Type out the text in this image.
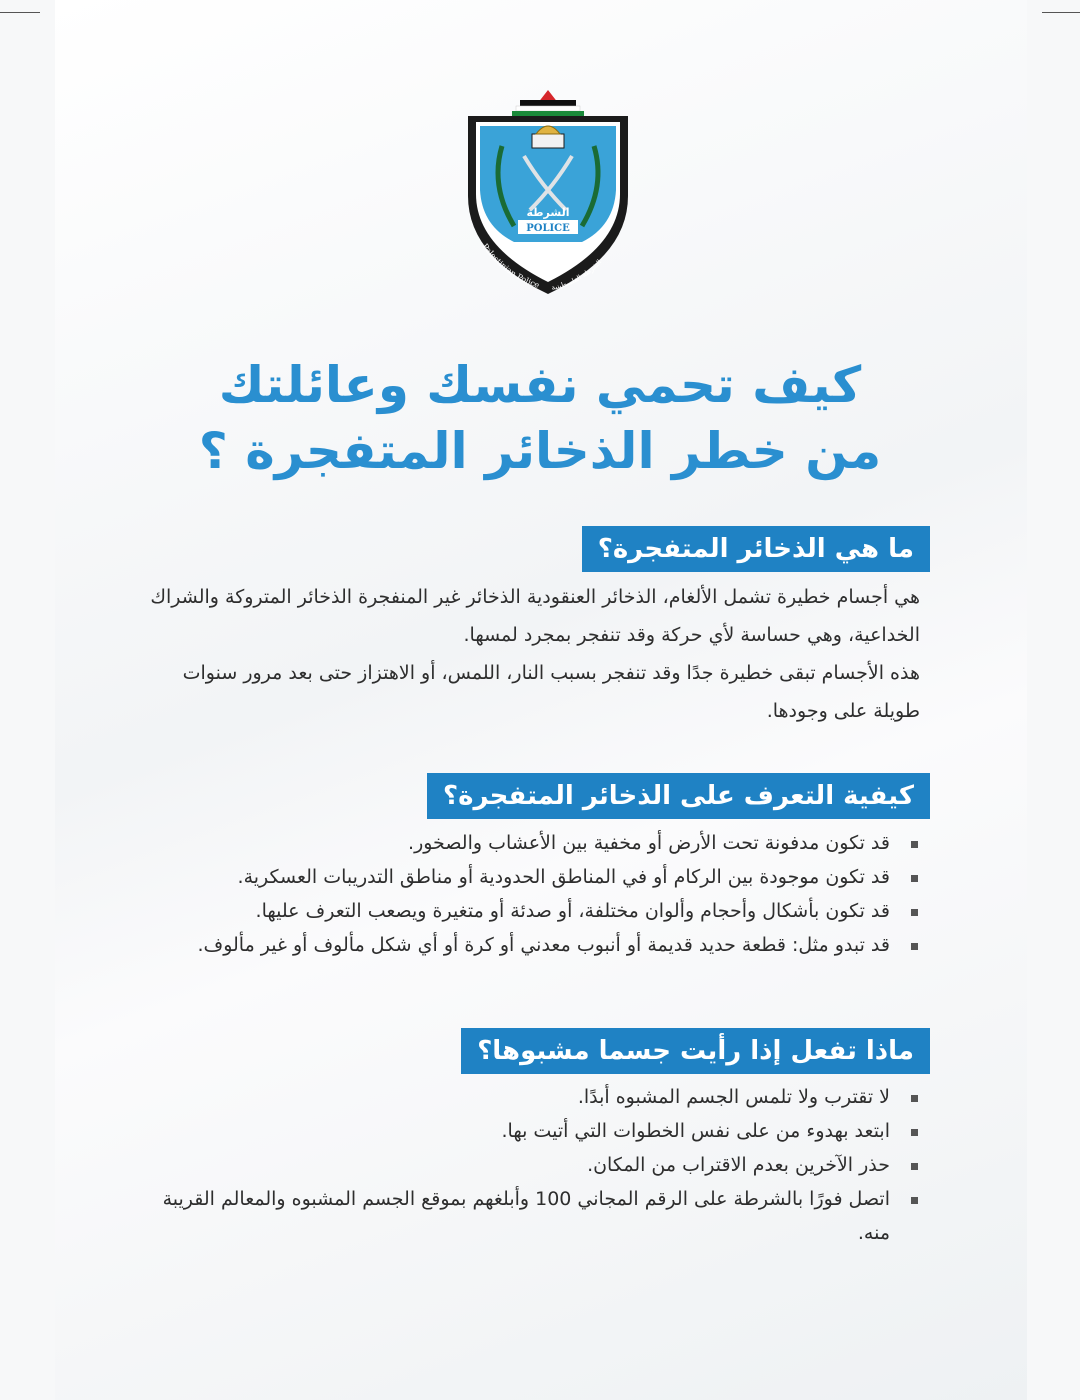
الشرطة
POLICE
Palestinian Police الشرطة الفلسطينية
كيف تحمي نفسك وعائلتك
من خطر الذخائر المتفجرة ؟
ما هي الذخائر المتفجرة؟

هي أجسام خطيرة تشمل الألغام، الذخائر العنقودية الذخائر غير المنفجرة الذخائر المتروكة والشراك الخداعية، وهي حساسة لأي حركة وقد تنفجر بمجرد لمسها.

هذه الأجسام تبقى خطيرة جدًا وقد تنفجر بسبب النار، اللمس، أو الاهتزاز حتى بعد مرور سنوات طويلة على وجودها.

كيفية التعرف على الذخائر المتفجرة؟
قد تكون مدفونة تحت الأرض أو مخفية بين الأعشاب والصخور.
قد تكون موجودة بين الركام أو في المناطق الحدودية أو مناطق التدريبات العسكرية.
قد تكون بأشكال وأحجام وألوان مختلفة، أو صدئة أو متغيرة ويصعب التعرف عليها.
قد تبدو مثل: قطعة حديد قديمة أو أنبوب معدني أو كرة أو أي شكل مألوف أو غير مألوف.
ماذا تفعل إذا رأيت جسما مشبوها؟
لا تقترب ولا تلمس الجسم المشبوه أبدًا.
ابتعد بهدوء من على نفس الخطوات التي أتيت بها.
حذر الآخرين بعدم الاقتراب من المكان.
اتصل فورًا بالشرطة على الرقم المجاني 100 وأبلغهم بموقع الجسم المشبوه والمعالم القريبة منه.
